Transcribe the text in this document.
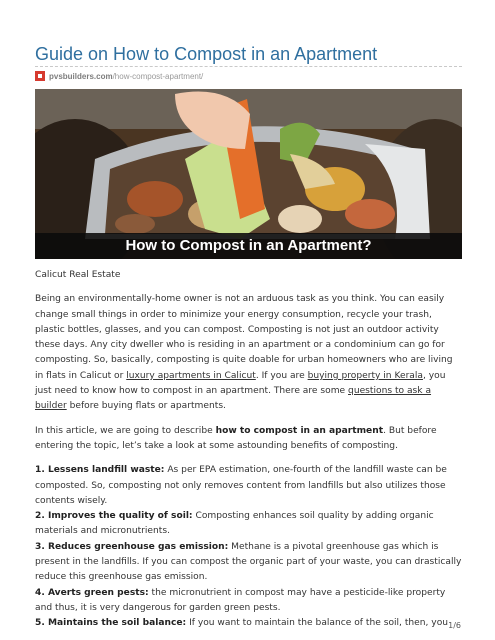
Guide on How to Compost in an Apartment
pvsbuilders.com /how-compost-apartment/
How to Compost in an Apartment?

Calicut Real Estate

Being an environmentally-home owner is not an arduous task as you think. You can easily change small things in order to minimize your energy consumption, recycle your trash, plastic bottles, glasses, and you can compost. Composting is not just an outdoor activity these days. Any city dweller who is residing in an apartment or a condominium can go for composting. So, basically, composting is quite doable for urban homeowners who are living in flats in Calicut or luxury apartments in Calicut. If you are buying property in Kerala, you just need to know how to compost in an apartment. There are some questions to ask a builder before buying flats or apartments.

In this article, we are going to describe how to compost in an apartment. But before entering the topic, let’s take a look at some astounding benefits of composting.

1. Lessens landfill waste: As per EPA estimation, one-fourth of the landfill waste can be composted. So, composting not only removes content from landfills but also utilizes those contents wisely.
2. Improves the quality of soil: Composting enhances soil quality by adding organic materials and micronutrients.
3. Reduces greenhouse gas emission: Methane is a pivotal greenhouse gas which is present in the landfills. If you can compost the organic part of your waste, you can drastically reduce this greenhouse gas emission.
4. Averts green pests: the micronutrient in compost may have a pesticide-like property and thus, it is very dangerous for garden green pests.
5. Maintains the soil balance: If you want to maintain the balance of the soil, then, you 1/6
